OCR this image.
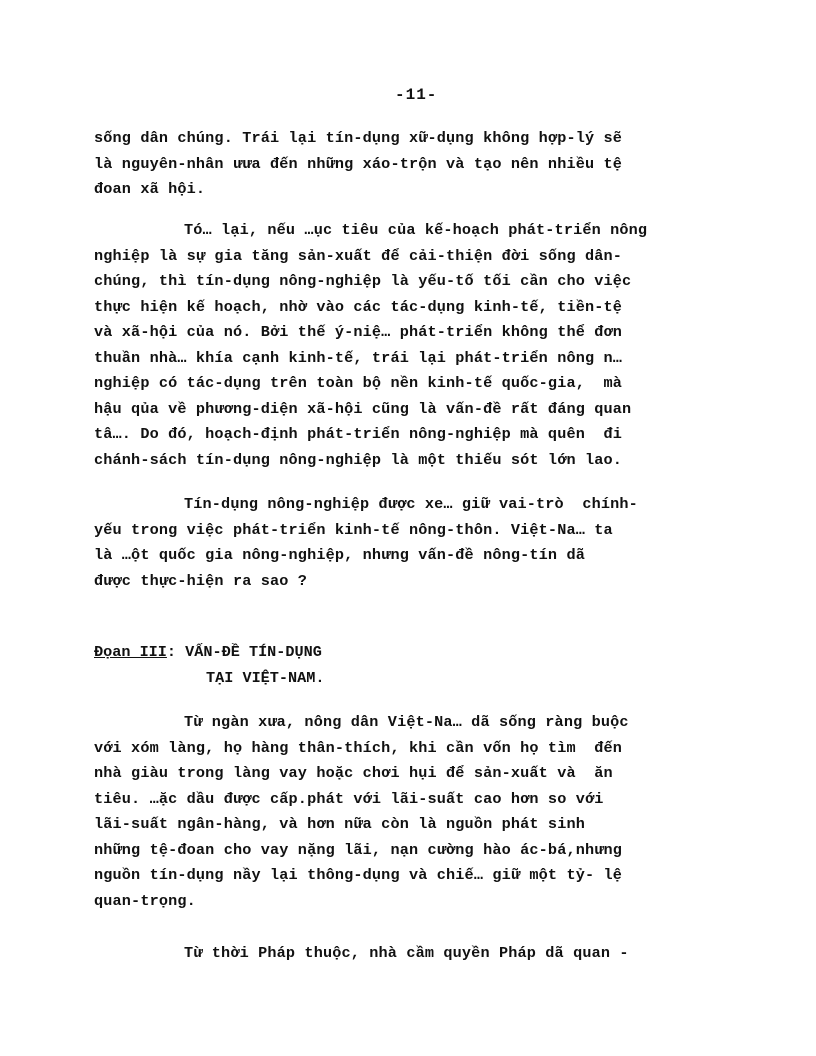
-11-
sống dân chúng. Trái lại tín-dụng xữ-dụng không hợp-lý sẽ
là nguyên-nhân ưưa đến những xáo-trộn và tạo nên nhiều tệ
đoan xã hội.
Tó… lại, nếu …ục tiêu của kế-hoạch phát-triển nông
nghiệp là sự gia tăng sản-xuất để cải-thiện đời sống dân-
chúng, thì tín-dụng nông-nghiệp là yếu-tố tối cần cho việc
thực hiện kế hoạch, nhờ vào các tác-dụng kinh-tế, tiền-tệ
và xã-hội của nó. Bởi thế ý-niệ… phát-triển không thể đơn
thuần nhà… khía cạnh kinh-tế, trái lại phát-triển nông n…
nghiệp có tác-dụng trên toàn bộ nền kinh-tế quốc-gia,  mà
hậu qủa về phương-diện xã-hội cũng là vấn-đề rất đáng quan
tâ…. Do đó, hoạch-định phát-triển nông-nghiệp mà quên  đi
chánh-sách tín-dụng nông-nghiệp là một thiếu sót lớn lao.
Tín-dụng nông-nghiệp được xe… giữ vai-trò  chính-
yếu trong việc phát-triển kinh-tế nông-thôn. Việt-Na… ta
là …ột quốc gia nông-nghiệp, nhưng vấn-đề nông-tín dã
được thực-hiện ra sao ?
Đọan III: VẤN-ĐỀ TÍN-DỤNG
TẠI VIỆT-NAM.
Từ ngàn xưa, nông dân Việt-Na… dã sống ràng buộc
với xóm làng, họ hàng thân-thích, khi cần vốn họ tìm  đến
nhà giàu trong làng vay hoặc chơi hụi để sản-xuất và  ăn
tiêu. …ặc dầu được cấp.phát với lãi-suất cao hơn so với
lãi-suất ngân-hàng, và hơn nữa còn là nguồn phát sinh
những tệ-đoan cho vay nặng lãi, nạn cường hào ác-bá,nhưng
nguồn tín-dụng nầy lại thông-dụng và chiế… giữ một tỷ- lệ
quan-trọng.
Từ thời Pháp thuộc, nhà cầm quyền Pháp dã quan -
